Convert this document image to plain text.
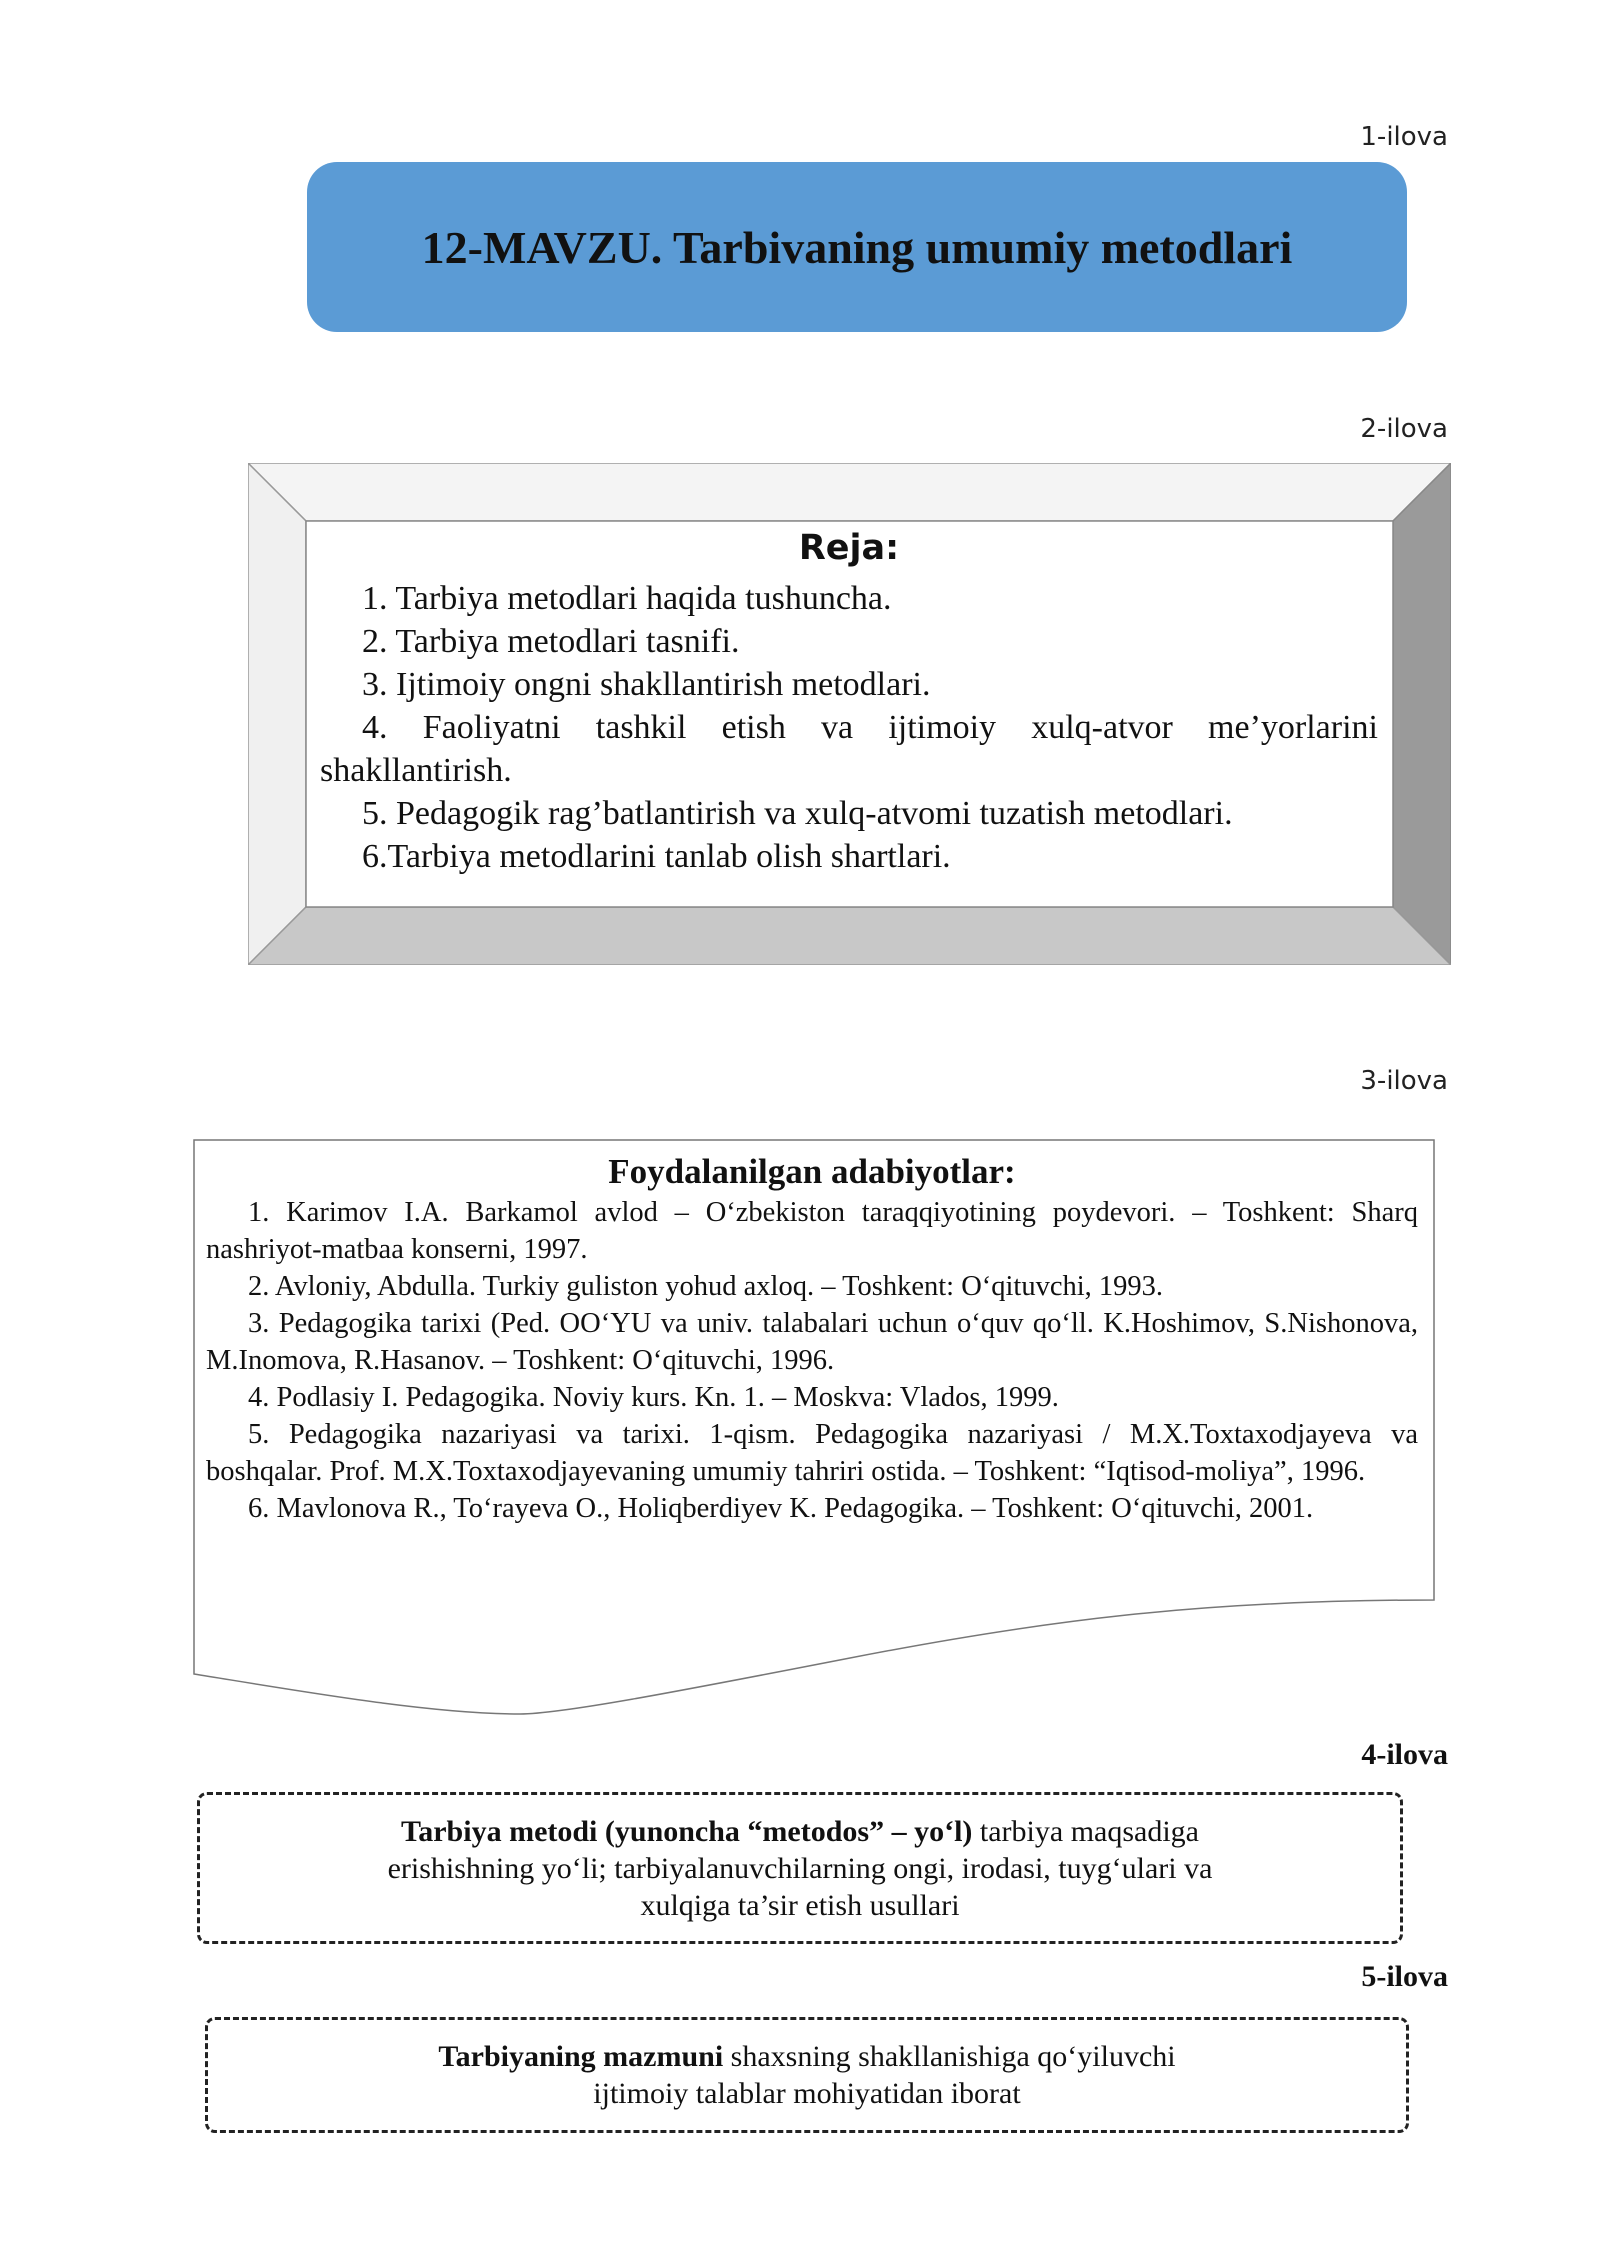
1-ilova
12-MAVZU. Tarbivaning umumiy metodlari
2-ilova
Reja:
1. Tarbiya metodlari haqida tushuncha.
2. Tarbiya metodlari tasnifi.
3. Ijtimoiy ongni shakllantirish metodlari.
4. Faoliyatni tashkil etish va ijtimoiy xulq-atvor me’yorlarini shakllantirish.
5. Pedagogik rag’batlantirish va xulq-atvomi tuzatish metodlari.
6.Tarbiya metodlarini tanlab olish shartlari.
3-ilova
Foydalanilgan adabiyotlar:
1. Karimov I.A. Barkamol avlod – O‘zbekiston taraqqiyotining poydevori. – Toshkent: Sharq nashriyot-matbaa konserni, 1997.
2. Avloniy, Abdulla. Turkiy guliston yohud axloq. – Toshkent: O‘qituvchi, 1993.
3. Pedagogika tarixi (Ped. OO‘YU va univ. talabalari uchun o‘quv qo‘ll. K.Hoshimov, S.Nishonova, M.Inomova, R.Hasanov. – Toshkent: O‘qituvchi, 1996.
4. Podlasiy I. Pedagogika. Noviy kurs. Kn. 1. – Moskva: Vlados, 1999.
5. Pedagogika nazariyasi va tarixi. 1-qism. Pedagogika nazariyasi / M.X.Toxtaxodjayeva va boshqalar. Prof. M.X.Toxtaxodjayevaning umumiy tahriri ostida. – Toshkent: “Iqtisod-moliya”, 1996.
6. Mavlonova R., To‘rayeva O., Holiqberdiyev K. Pedagogika. – Toshkent: O‘qituvchi, 2001.
4-ilova
Tarbiya metodi (yunoncha “metodos” – yo‘l) tarbiya maqsadiga erishishning yo‘li; tarbiyalanuvchilarning ongi, irodasi, tuyg‘ulari va xulqiga ta’sir etish usullari
5-ilova
Tarbiyaning mazmuni shaxsning shakllanishiga qo‘yiluvchi ijtimoiy talablar mohiyatidan iborat
